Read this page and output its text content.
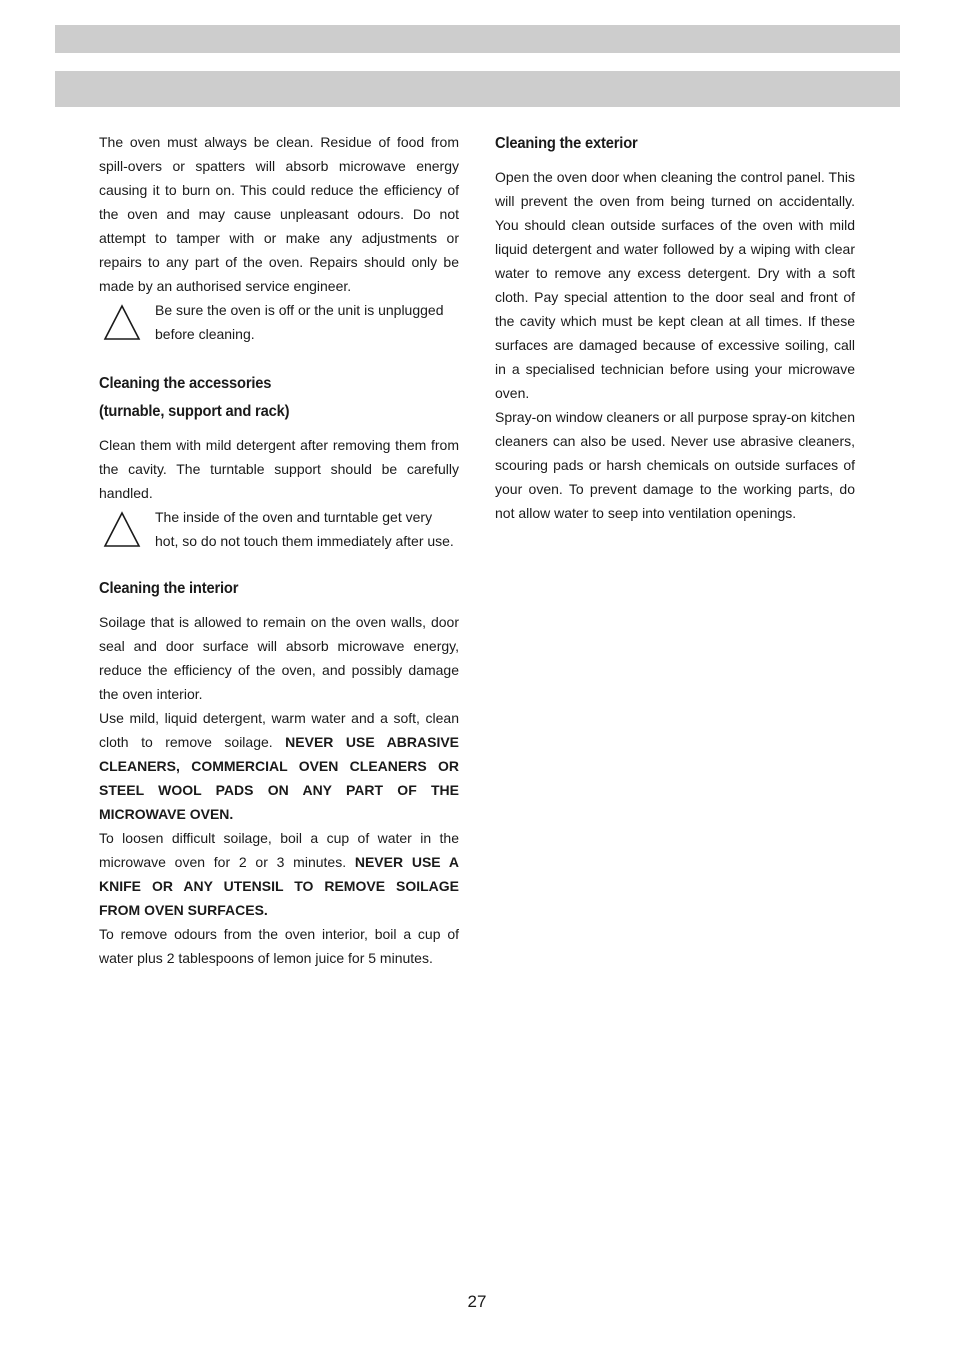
The oven must always be clean. Residue of food from spill-overs or spatters will absorb microwave energy causing it to burn on. This could reduce the efficiency of the oven and may cause unpleasant odours. Do not attempt to tamper with or make any adjustments or repairs to any part of the oven. Repairs should only be made by an authorised service engineer.

Be sure the oven is off or the unit is unplugged before cleaning.
Cleaning the accessories
(turnable, support and rack)

Clean them with mild detergent after removing them from the cavity. The turntable support should be carefully handled.

The inside of the oven and turntable get very hot, so do not touch them immediately after use.
Cleaning the interior

Soilage that is allowed to remain on the oven walls, door seal and door surface will absorb microwave energy, reduce the efficiency of the oven, and possibly damage the oven interior.

Use mild, liquid detergent, warm water and a soft, clean cloth to remove soilage. NEVER USE ABRASIVE CLEANERS, COMMERCIAL OVEN CLEANERS OR STEEL WOOL PADS ON ANY PART OF THE MICROWAVE OVEN.

To loosen difficult soilage, boil a cup of water in the microwave oven for 2 or 3 minutes. NEVER USE A KNIFE OR ANY UTENSIL TO REMOVE SOILAGE FROM OVEN SURFACES.

To remove odours from the oven interior, boil a cup of water plus 2 tablespoons of lemon juice for 5 minutes.

Cleaning the exterior

Open the oven door when cleaning the control panel. This will prevent the oven from being turned on accidentally. You should clean outside surfaces of the oven with mild liquid detergent and water followed by a wiping with clear water to remove any excess detergent. Dry with a soft cloth. Pay special attention to the door seal and front of the cavity which must be kept clean at all times. If these surfaces are damaged because of excessive soiling, call in a specialised technician before using your microwave oven.

Spray-on window cleaners or all purpose spray-on kitchen cleaners can also be used. Never use abrasive cleaners, scouring pads or harsh chemicals on outside surfaces of your oven. To prevent damage to the working parts, do not allow water to seep into ventilation openings.

27
